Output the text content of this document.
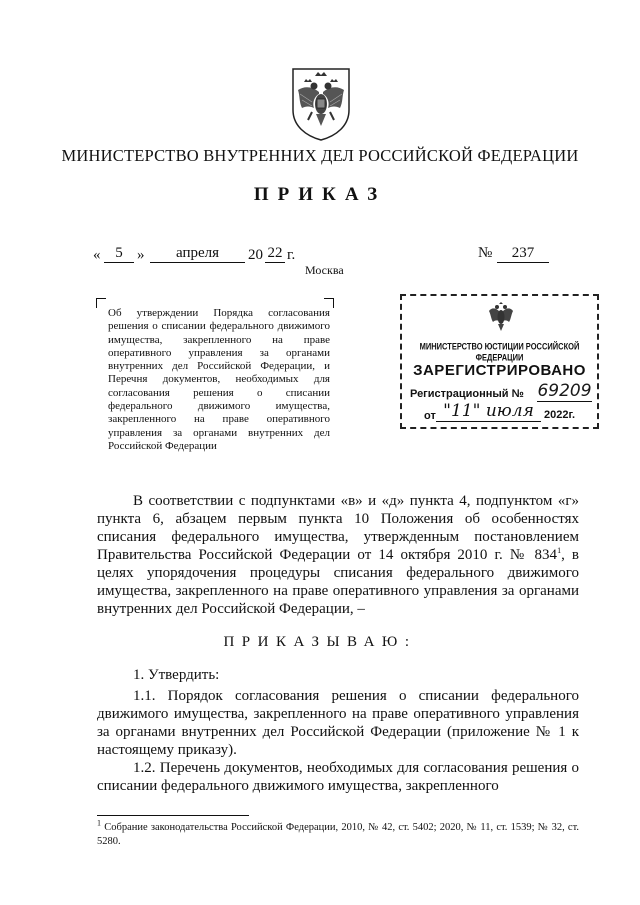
МИНИСТЕРСТВО ВНУТРЕННИХ ДЕЛ РОССИЙСКОЙ ФЕДЕРАЦИИ
ПРИКАЗ
« 5 »	апреля	20 22 г.	№	237
Москва
Об утверждении Порядка согласования решения о списании федерального движимого имущества, закрепленного на праве оперативного управления за органами внутренних дел Российской Федерации, и Перечня документов, необходимых для согласования решения о списании федерального движимого имущества, закрепленного на праве оперативного управления за органами внутренних дел Российской Федерации
МИНИСТЕРСТВО ЮСТИЦИИ РОССИЙСКОЙ ФЕДЕРАЦИИ
ЗАРЕГИСТРИРОВАНО
Регистрационный № 69209
от "11" июля 2022г.
В соответствии с подпунктами «в» и «д» пункта 4, подпунктом «г» пункта 6, абзацем первым пункта 10 Положения об особенностях списания федерального имущества, утвержденным постановлением Правительства Российской Федерации от 14 октября 2010 г. № $834^1$, в целях упорядочения процедуры списания федерального движимого имущества, закрепленного на праве оперативного управления за органами внутренних дел Российской Федерации, –
ПРИКАЗЫВАЮ:
1. Утвердить:
1.1. Порядок согласования решения о списании федерального движимого имущества, закрепленного на праве оперативного управления за органами внутренних дел Российской Федерации (приложение № 1 к настоящему приказу).
1.2. Перечень документов, необходимых для согласования решения о списании федерального движимого имущества, закрепленного
$^1$ Собрание законодательства Российской Федерации, 2010, № 42, ст. 5402; 2020, № 11, ст. 1539; № 32, ст. 5280.
